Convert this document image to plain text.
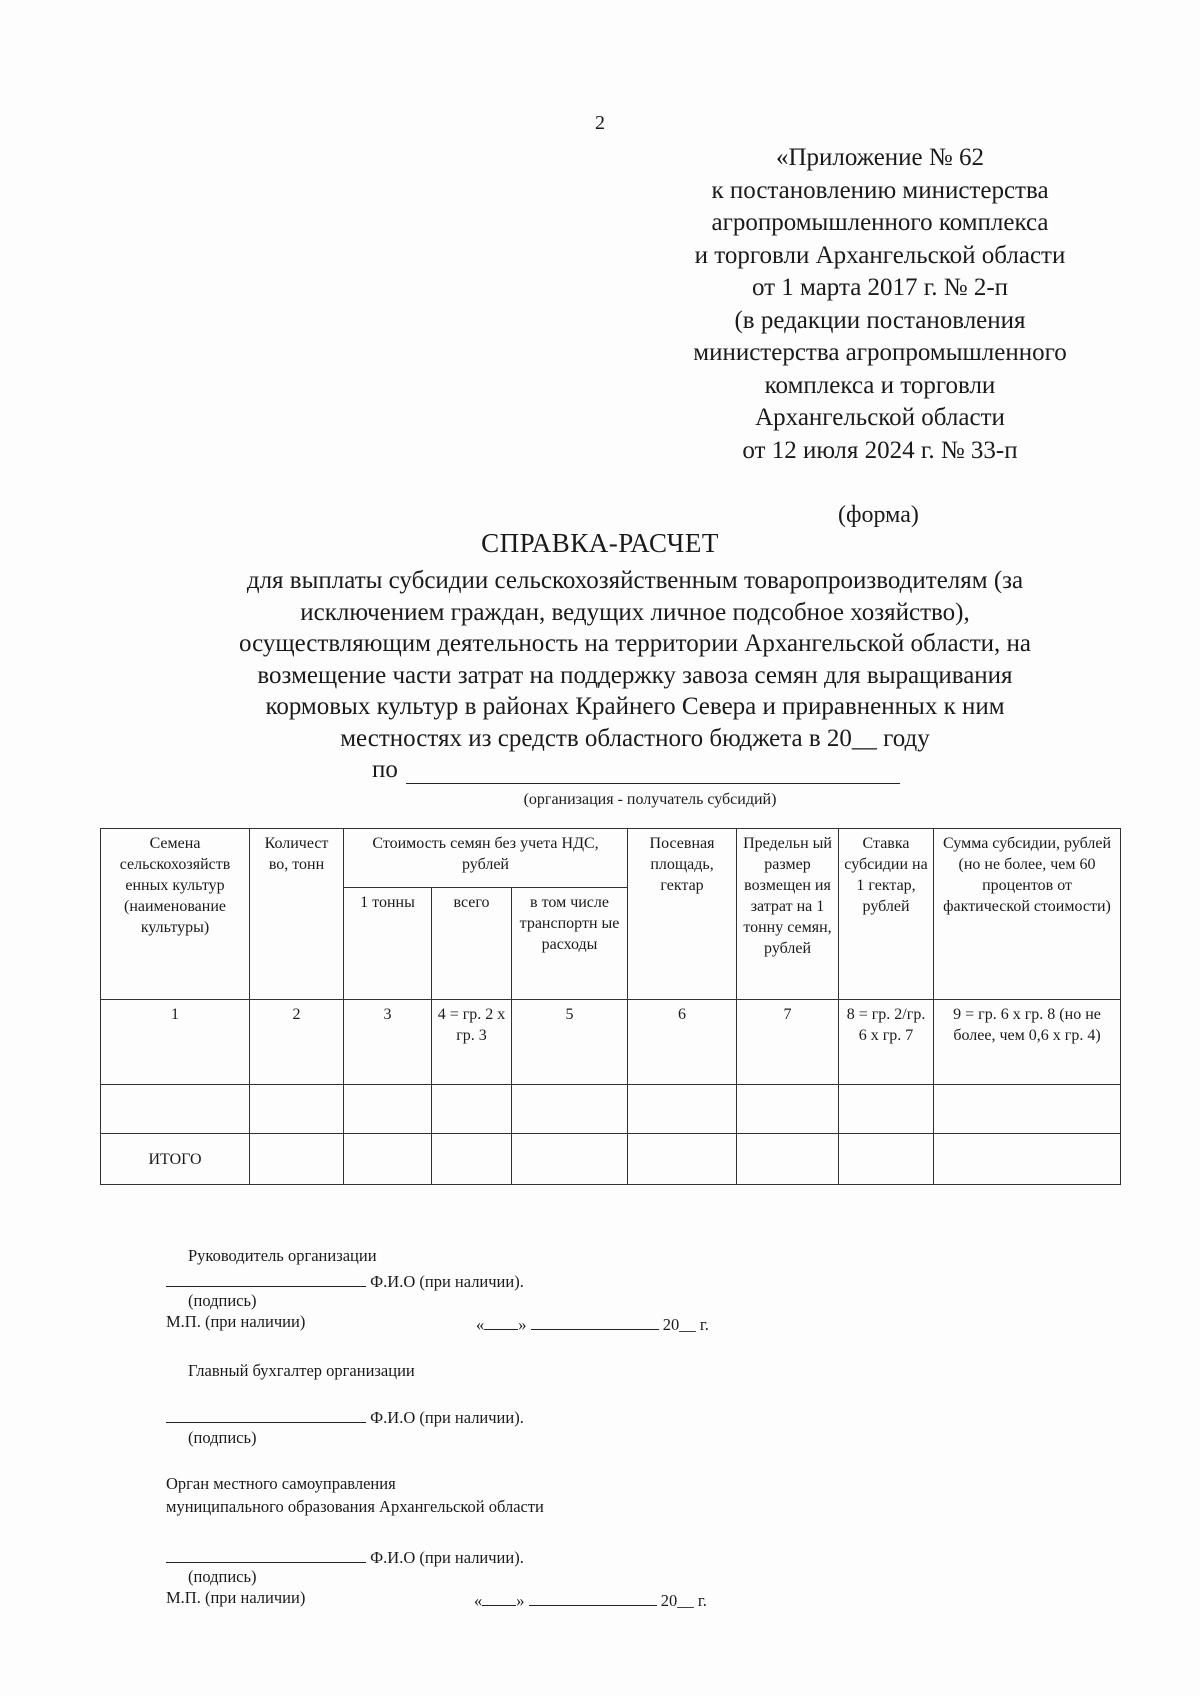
2
«Приложение № 62
к постановлению министерства
агропромышленного комплекса
и торговли Архангельской области
от 1 марта 2017 г. № 2-п
(в редакции постановления
министерства агропромышленного
комплекса и торговли
Архангельской области
от 12 июля 2024 г. № 33-п
(форма)
СПРАВКА-РАСЧЕТ
для выплаты субсидии сельскохозяйственным товаропроизводителям (за
исключением граждан, ведущих личное подсобное хозяйство),
осуществляющим деятельность на территории Архангельской области, на
возмещение части затрат на поддержку завоза семян для выращивания
кормовых культур в районах Крайнего Севера и приравненных к ним
местностях из средств областного бюджета в 20__ году
по
(организация - получатель субсидий)
Семена сельскохозяйств енных культур (наименование культуры)	Количест во, тонн	Стоимость семян без учета НДС, рублей			Посевная площадь, гектар	Предельн ый размер возмещен ия затрат на 1 тонну семян, рублей	Ставка субсидии на 1 гектар, рублей	Сумма субсидии, рублей (но не более, чем 60 процентов от фактической стоимости)
		1 тонны	всего	в том числе транспортн ые расходы				
1	2	3	4 = гр. 2 х гр. 3	5	6	7	8 = гр. 2/гр. 6 х гр. 7	9 = гр. 6 х гр. 8 (но не более, чем 0,6 х гр. 4)

ИТОГО								
Руководитель организации
Ф.И.О (при наличии).
(подпись)
М.П. (при наличии)	« »	20__ г.
Главный бухгалтер организации
Ф.И.О (при наличии).
(подпись)
Орган местного самоуправления
муниципального образования Архангельской области
Ф.И.О (при наличии).
(подпись)
М.П. (при наличии)	« »	20__ г.
